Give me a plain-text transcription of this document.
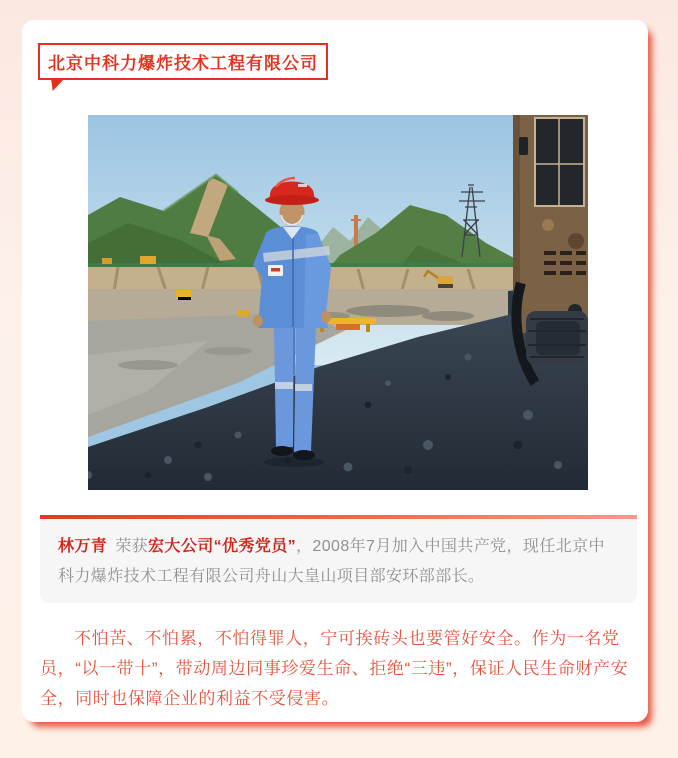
北京中科力爆炸技术工程有限公司
林万青 荣获宏大公司“优秀党员”，2008年7月加入中国共产党，现任北京中科力爆炸技术工程有限公司舟山大皇山项目部安环部部长。

不怕苦、不怕累，不怕得罪人，宁可挨砖头也要管好安全。作为一名党员，“以一带十”，带动周边同事珍爱生命、拒绝“三违”，保证人民生命财产安全，同时也保障企业的利益不受侵害。
